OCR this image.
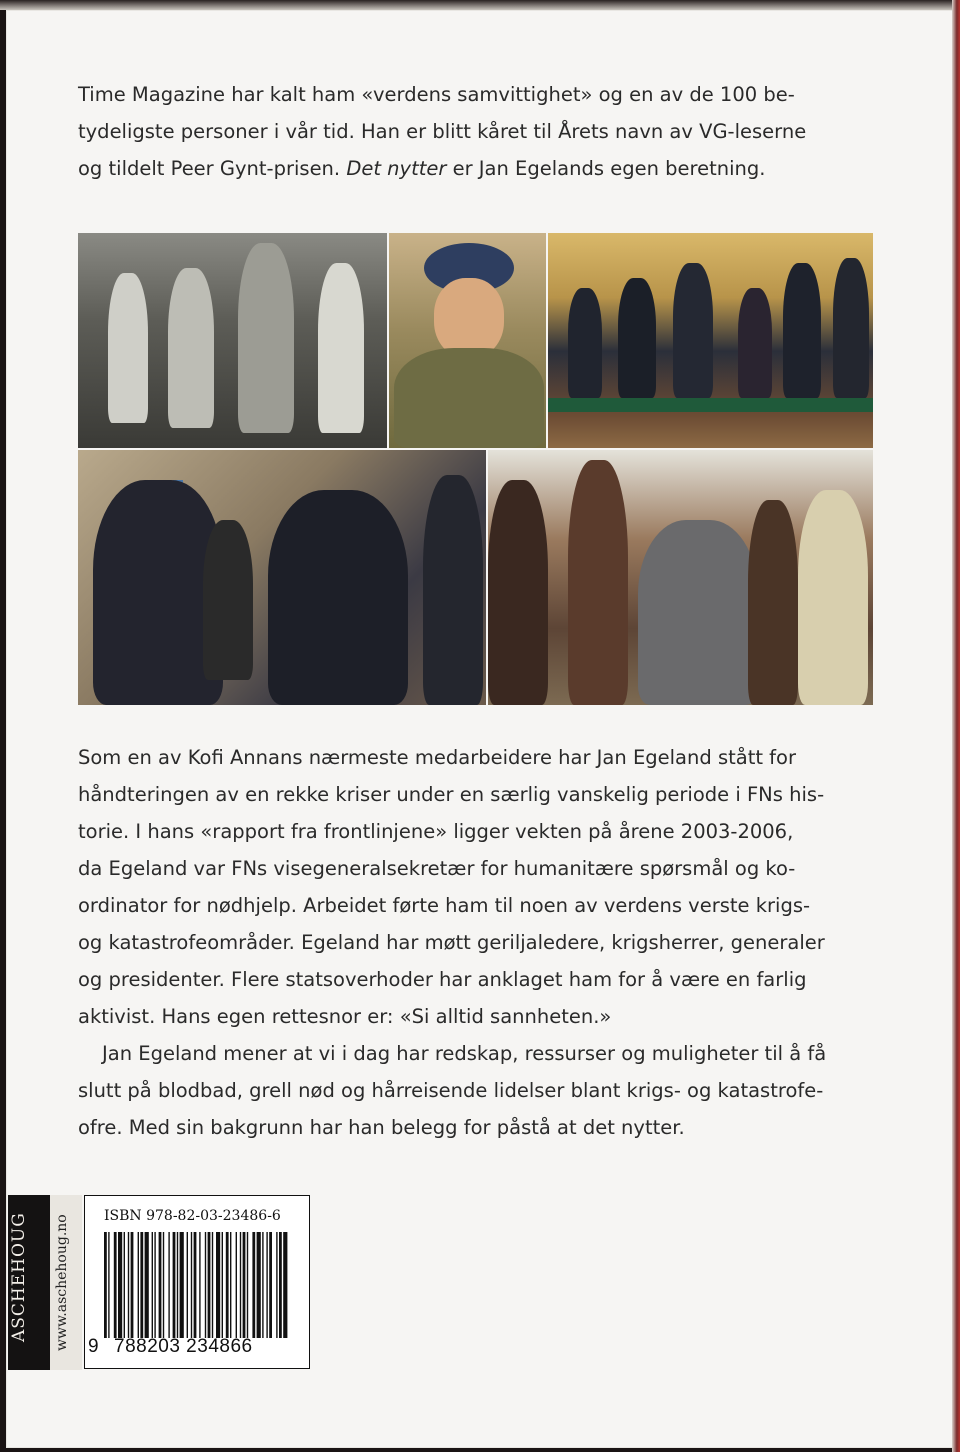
Time Magazine har kalt ham «verdens samvittighet» og en av de 100 be-

tydeligste personer i vår tid. Han er blitt kåret til Årets navn av VG-leserne

og tildelt Peer Gynt-prisen. Det nytter er Jan Egelands egen beretning.

Som en av Kofi Annans nærmeste medarbeidere har Jan Egeland stått for

håndteringen av en rekke kriser under en særlig vanskelig periode i FNs his-

torie. I hans «rapport fra frontlinjene» ligger vekten på årene 2003-2006,

da Egeland var FNs visegeneralsekretær for humanitære spørsmål og ko-

ordinator for nødhjelp. Arbeidet førte ham til noen av verdens verste krigs-

og katastrofeområder. Egeland har møtt geriljaledere, krigsherrer, generaler

og presidenter. Flere statsoverhoder har anklaget ham for å være en farlig

aktivist. Hans egen rettesnor er: «Si alltid sannheten.»

Jan Egeland mener at vi i dag har redskap, ressurser og muligheter til å få

slutt på blodbad, grell nød og hårreisende lidelser blant krigs- og katastrofe-

ofre. Med sin bakgrunn har han belegg for påstå at det nytter.

ASCHEHOUG	www.aschehoug.no	ISBN 978-82-03-23486-6
9 788203 234866
